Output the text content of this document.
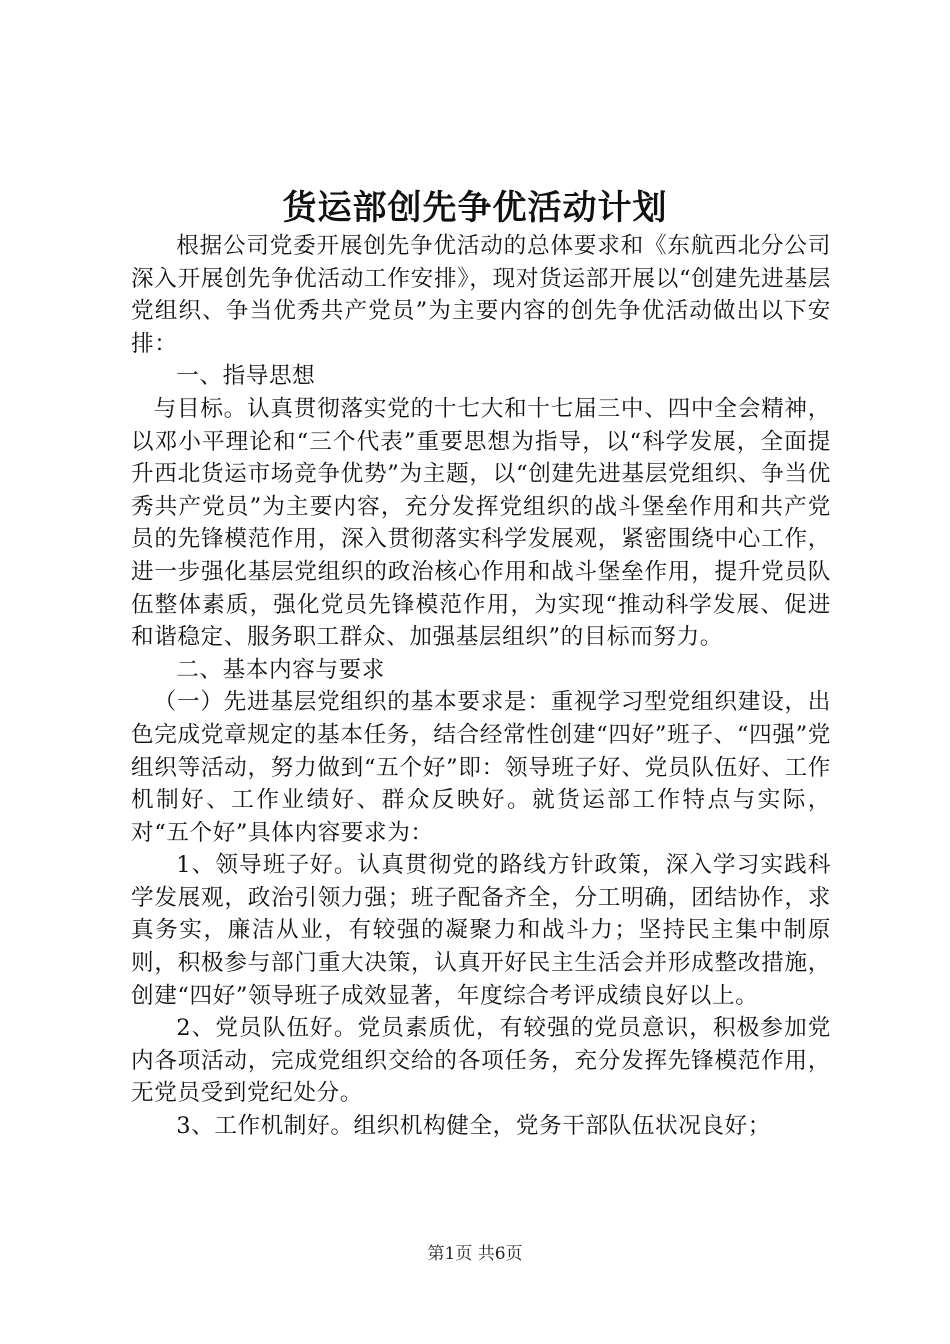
货运部创先争优活动计划

根据公司党委开展创先争优活动的总体要求和《东航西北分公司深入开展创先争优活动工作安排》，现对货运部开展以“创建先进基层党组织、争当优秀共产党员”为主要内容的创先争优活动做出以下安排：

一、指导思想

与目标。认真贯彻落实党的十七大和十七届三中、四中全会精神，以邓小平理论和“三个代表”重要思想为指导，以“科学发展，全面提升西北货运市场竞争优势”为主题，以“创建先进基层党组织、争当优秀共产党员”为主要内容，充分发挥党组织的战斗堡垒作用和共产党员的先锋模范作用，深入贯彻落实科学发展观，紧密围绕中心工作，进一步强化基层党组织的政治核心作用和战斗堡垒作用，提升党员队伍整体素质，强化党员先锋模范作用，为实现“推动科学发展、促进和谐稳定、服务职工群众、加强基层组织”的目标而努力。

二、基本内容与要求

（一）先进基层党组织的基本要求是：重视学习型党组织建设，出色完成党章规定的基本任务，结合经常性创建“四好”班子、“四强”党组织等活动，努力做到“五个好”即：领导班子好、党员队伍好、工作机制好、工作业绩好、群众反映好。就货运部工作特点与实际，对“五个好”具体内容要求为：

1、领导班子好。认真贯彻党的路线方针政策，深入学习实践科学发展观，政治引领力强；班子配备齐全，分工明确，团结协作，求真务实，廉洁从业，有较强的凝聚力和战斗力；坚持民主集中制原则，积极参与部门重大决策，认真开好民主生活会并形成整改措施，创建“四好”领导班子成效显著，年度综合考评成绩良好以上。

2、党员队伍好。党员素质优，有较强的党员意识，积极参加党内各项活动，完成党组织交给的各项任务，充分发挥先锋模范作用，无党员受到党纪处分。

3、工作机制好。组织机构健全，党务干部队伍状况良好；

第1页 共6页
